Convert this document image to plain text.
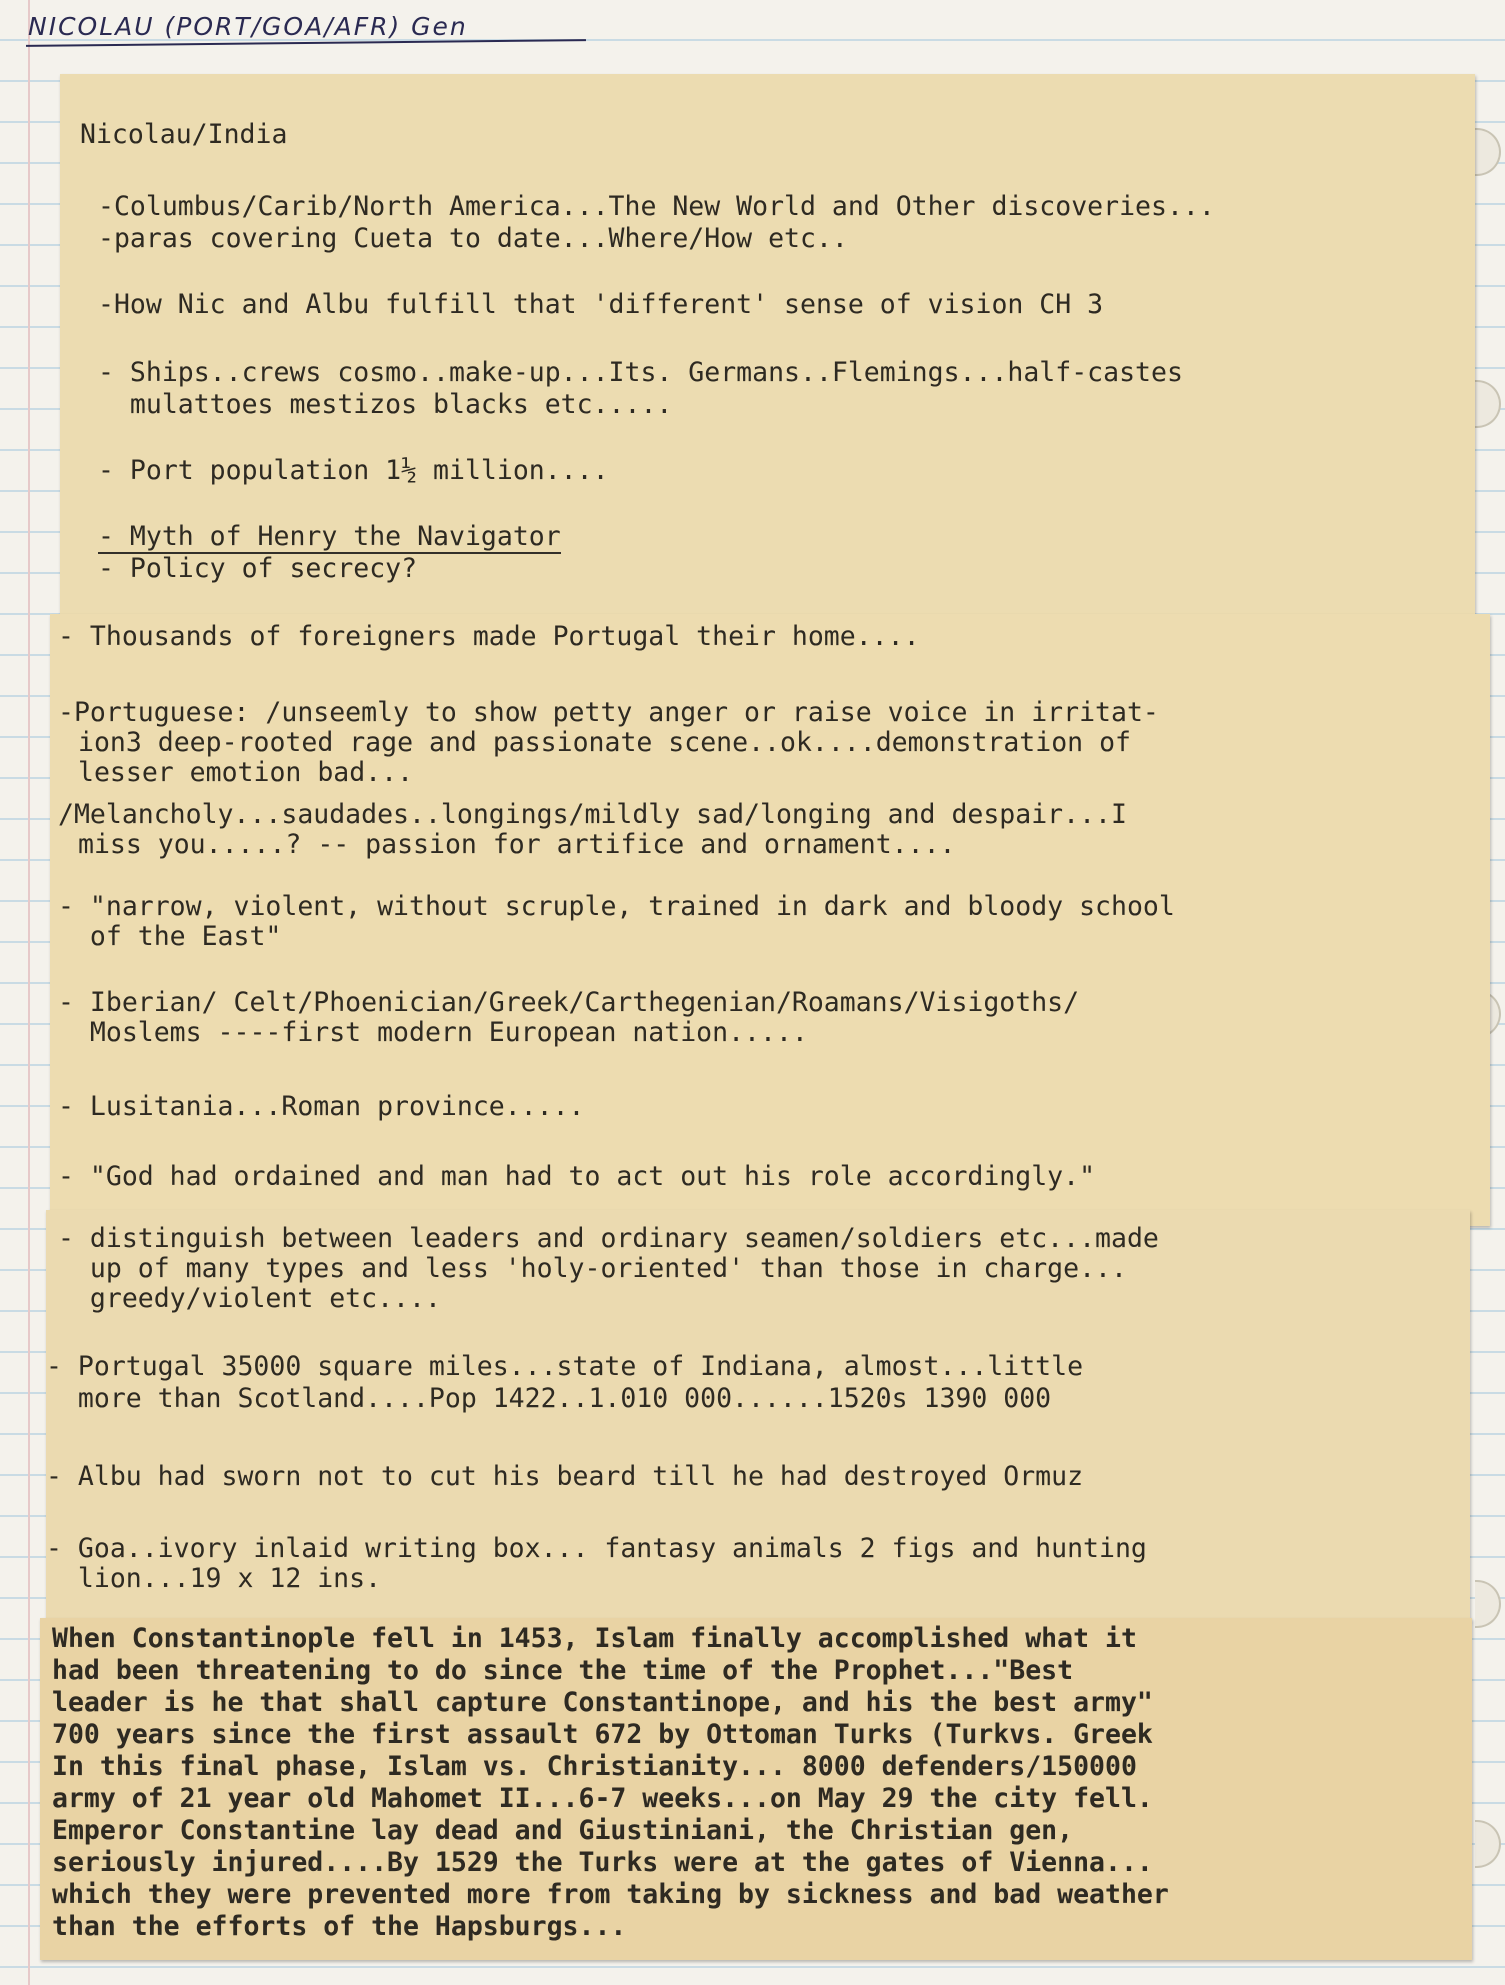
NICOLAU (PORT/GOA/AFR) Gen
Nicolau/India
-Columbus/Carib/North America...The New World and Other discoveries...
-paras covering Cueta to date...Where/How etc..
-How Nic and Albu fulfill that 'different' sense of vision CH 3
- Ships..crews cosmo..make-up...Its. Germans..Flemings...half-castes
mulattoes mestizos blacks etc.....
- Port population 1½ million....
- Myth of Henry the Navigator
- Policy of secrecy?
- Thousands of foreigners made Portugal their home....
-Portuguese: /unseemly to show petty anger or raise voice in irritat-
ion3 deep-rooted rage and passionate scene..ok....demonstration of
lesser emotion bad...
/Melancholy...saudades..longings/mildly sad/longing and despair...I
miss you.....? -- passion for artifice and ornament....
- "narrow, violent, without scruple, trained in dark and bloody school
of the East"
- Iberian/ Celt/Phoenician/Greek/Carthegenian/Roamans/Visigoths/
Moslems ----first modern European nation.....
- Lusitania...Roman province.....
- "God had ordained and man had to act out his role accordingly."
- distinguish between leaders and ordinary seamen/soldiers etc...made
up of many types and less 'holy-oriented' than those in charge...
greedy/violent etc....
- Portugal 35000 square miles...state of Indiana, almost...little
more than Scotland....Pop 1422..1.010 000......1520s 1390 000
- Albu had sworn not to cut his beard till he had destroyed Ormuz
- Goa..ivory inlaid writing box... fantasy animals 2 figs and hunting
lion...19 x 12 ins.
When Constantinople fell in 1453, Islam finally accomplished what it
had been threatening to do since the time of the Prophet..."Best
leader is he that shall capture Constantinope, and his the best army"
700 years since the first assault 672 by Ottoman Turks (Turkvs. Greek
In this final phase, Islam vs. Christianity... 8000 defenders/150000
army of 21 year old Mahomet II...6-7 weeks...on May 29 the city fell.
Emperor Constantine lay dead and Giustiniani, the Christian gen,
seriously injured....By 1529 the Turks were at the gates of Vienna...
which they were prevented more from taking by sickness and bad weather
than the efforts of the Hapsburgs...
